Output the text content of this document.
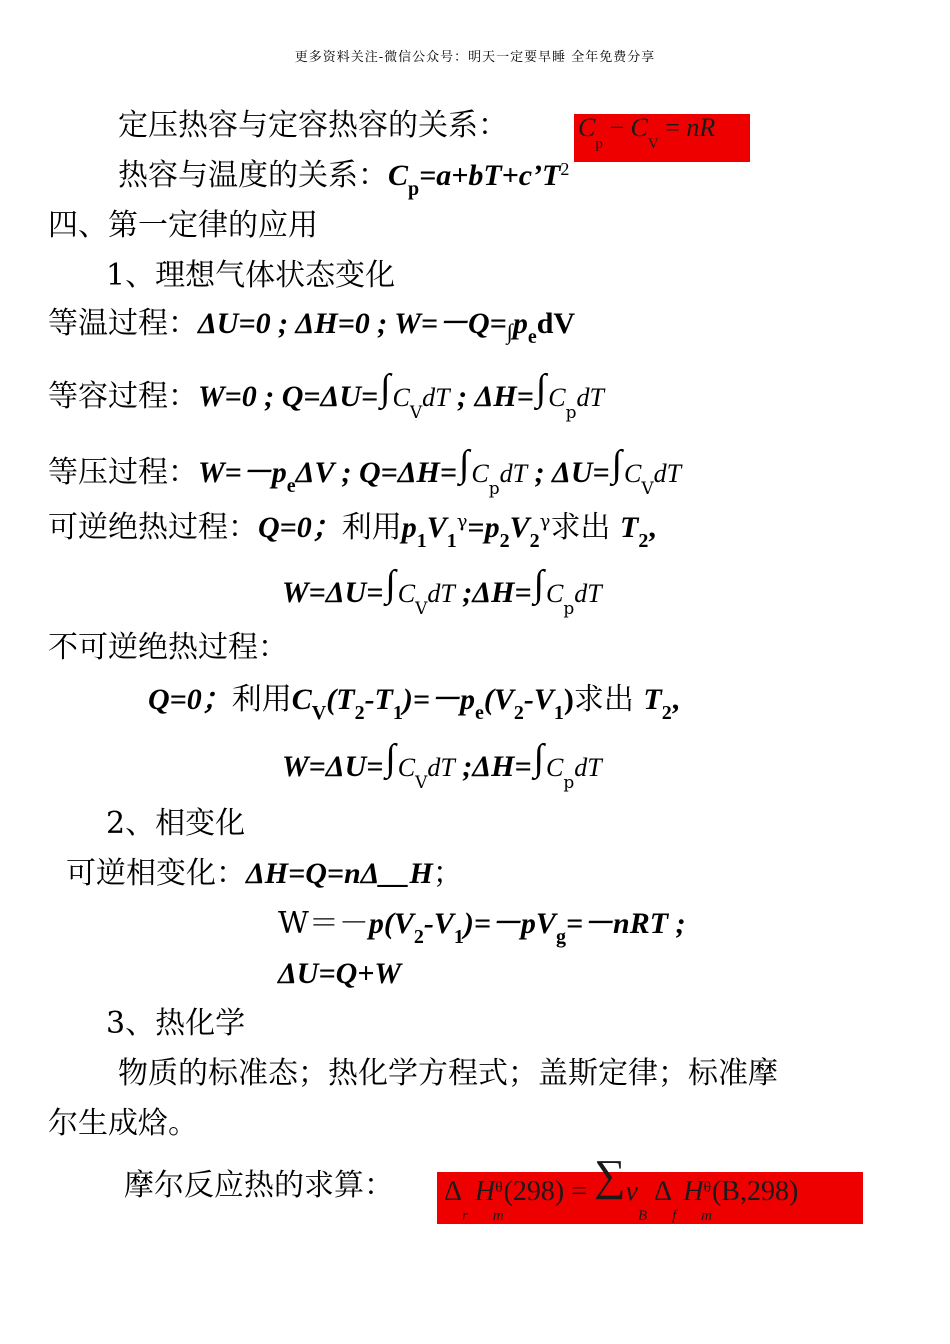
更多资料关注-微信公众号：明天一定要早睡 全年免费分享
定压热容与定容热容的关系：	$C_p - C_V$ = nR
热容与温度的关系：$C_p=a+bT+c’T^2$
四、第一定律的应用
1、理想气体状态变化
等温过程：ΔU=0 ; ΔH=0 ; $W=-Q=_\int p_edV$
等容过程：W=0 ; $Q=\Delta U=\int C_VdT$ ; $\Delta H=\int C_pdT$
等压过程：$W=-p_e\Delta V$ ; $Q=\Delta H=\int C_pdT$ ; $\Delta U=\int C_VdT$
可逆绝热过程：Q=0；利用$p_1V_1^\gamma=p_2V_2^\gamma$求出 $T_2$,
$W=\Delta U=\int C_VdT$ $;\Delta H=\int C_pdT$
不可逆绝热过程：
Q=0；利用$C_V(T_2-T_1)=-p_e(V_2-V_1)$求出 $T_2$,
$W=\Delta U=\int C_VdT$ $;\Delta H=\int C_pdT$
2、相变化
可逆相变化：ΔH=Q=nΔ__H；
$W=-p(V_2-V_1)=-pV_g=-nRT$ ;
ΔU=Q+W
3、热化学
物质的标准态；热化学方程式；盖斯定律；标准摩
尔生成焓。
摩尔反应热的求算： $\Delta_r$ $H^\theta_m(298) = \sum\nu_B$ $\Delta_f$ $H^\theta_m(B,298)$
